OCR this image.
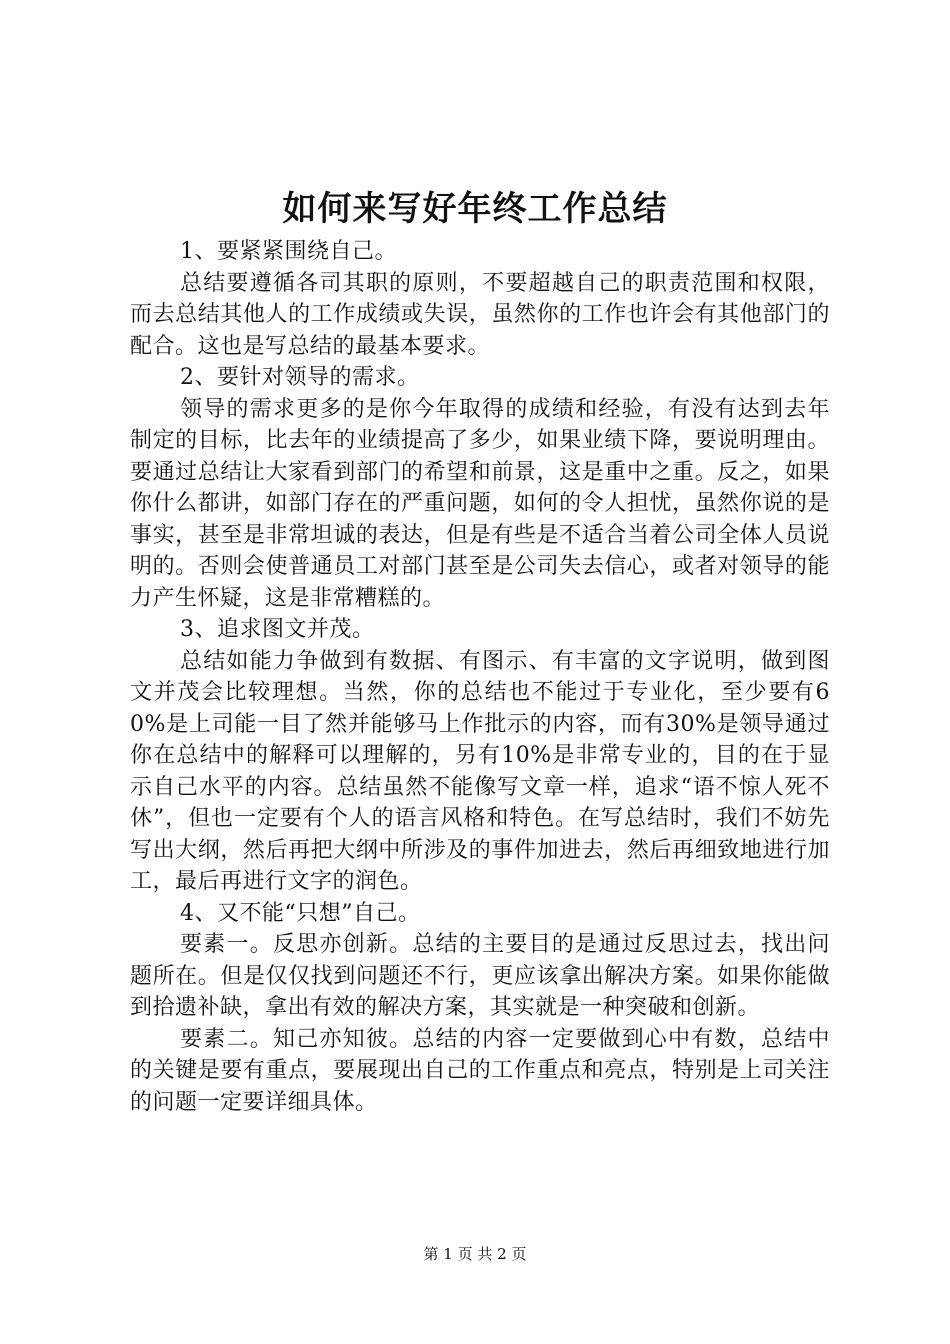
如何来写好年终工作总结

1、要紧紧围绕自己。

总结要遵循各司其职的原则，不要超越自己的职责范围和权限，而去总结其他人的工作成绩或失误，虽然你的工作也许会有其他部门的配合。这也是写总结的最基本要求。

2、要针对领导的需求。

领导的需求更多的是你今年取得的成绩和经验，有没有达到去年制定的目标，比去年的业绩提高了多少，如果业绩下降，要说明理由。要通过总结让大家看到部门的希望和前景，这是重中之重。反之，如果你什么都讲，如部门存在的严重问题，如何的令人担忧，虽然你说的是事实，甚至是非常坦诚的表达，但是有些是不适合当着公司全体人员说明的。否则会使普通员工对部门甚至是公司失去信心，或者对领导的能力产生怀疑，这是非常糟糕的。

3、追求图文并茂。

总结如能力争做到有数据、有图示、有丰富的文字说明，做到图文并茂会比较理想。当然，你的总结也不能过于专业化，至少要有60%是上司能一目了然并能够马上作批示的内容，而有30%是领导通过你在总结中的解释可以理解的，另有10%是非常专业的，目的在于显示自己水平的内容。总结虽然不能像写文章一样，追求“语不惊人死不休”，但也一定要有个人的语言风格和特色。在写总结时，我们不妨先写出大纲，然后再把大纲中所涉及的事件加进去，然后再细致地进行加工，最后再进行文字的润色。

4、又不能“只想”自己。

要素一。反思亦创新。总结的主要目的是通过反思过去，找出问题所在。但是仅仅找到问题还不行，更应该拿出解决方案。如果你能做到拾遗补缺，拿出有效的解决方案，其实就是一种突破和创新。

要素二。知己亦知彼。总结的内容一定要做到心中有数，总结中的关键是要有重点，要展现出自己的工作重点和亮点，特别是上司关注的问题一定要详细具体。

第 1 页 共 2 页
